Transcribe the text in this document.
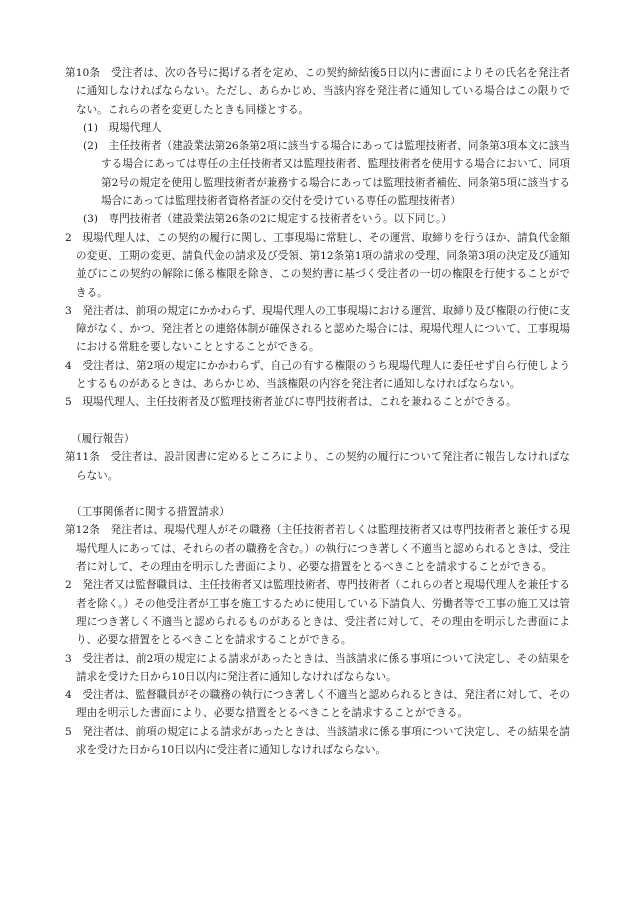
第10条　受注者は、次の各号に掲げる者を定め、この契約締結後5日以内に書面によりその氏名を発注者に通知しなければならない。ただし、あらかじめ、当該内容を発注者に通知している場合はこの限りでない。これらの者を変更したときも同様とする。

(1)　現場代理人

(2)　主任技術者（建設業法第26条第2項に該当する場合にあっては監理技術者、同条第3項本文に該当する場合にあっては専任の主任技術者又は監理技術者、監理技術者を使用する場合において、同項第2号の規定を使用し監理技術者が兼務する場合にあっては監理技術者補佐、同条第5項に該当する場合にあっては監理技術者資格者証の交付を受けている専任の監理技術者）

(3)　専門技術者（建設業法第26条の2に規定する技術者をいう。以下同じ。）

2　現場代理人は、この契約の履行に関し、工事現場に常駐し、その運営、取締りを行うほか、請負代金額の変更、工期の変更、請負代金の請求及び受領、第12条第1項の請求の受理、同条第3項の決定及び通知並びにこの契約の解除に係る権限を除き、この契約書に基づく受注者の一切の権限を行使することができる。

3　発注者は、前項の規定にかかわらず、現場代理人の工事現場における運営、取締り及び権限の行使に支障がなく、かつ、発注者との連絡体制が確保されると認めた場合には、現場代理人について、工事現場における常駐を要しないこととすることができる。

4　受注者は、第2項の規定にかかわらず、自己の有する権限のうち現場代理人に委任せず自ら行使しようとするものがあるときは、あらかじめ、当該権限の内容を発注者に通知しなければならない。

5　現場代理人、主任技術者及び監理技術者並びに専門技術者は、これを兼ねることができる。

（履行報告）

第11条　受注者は、設計図書に定めるところにより、この契約の履行について発注者に報告しなければならない。

（工事関係者に関する措置請求）

第12条　発注者は、現場代理人がその職務（主任技術者若しくは監理技術者又は専門技術者と兼任する現場代理人にあっては、それらの者の職務を含む。）の執行につき著しく不適当と認められるときは、受注者に対して、その理由を明示した書面により、必要な措置をとるべきことを請求することができる。

2　発注者又は監督職員は、主任技術者又は監理技術者、専門技術者（これらの者と現場代理人を兼任する者を除く。）その他受注者が工事を施工するために使用している下請負人、労働者等で工事の施工又は管理につき著しく不適当と認められるものがあるときは、受注者に対して、その理由を明示した書面により、必要な措置をとるべきことを請求することができる。

3　受注者は、前2項の規定による請求があったときは、当該請求に係る事項について決定し、その結果を請求を受けた日から10日以内に発注者に通知しなければならない。

4　受注者は、監督職員がその職務の執行につき著しく不適当と認められるときは、発注者に対して、その理由を明示した書面により、必要な措置をとるべきことを請求することができる。

5　発注者は、前項の規定による請求があったときは、当該請求に係る事項について決定し、その結果を請求を受けた日から10日以内に受注者に通知しなければならない。
